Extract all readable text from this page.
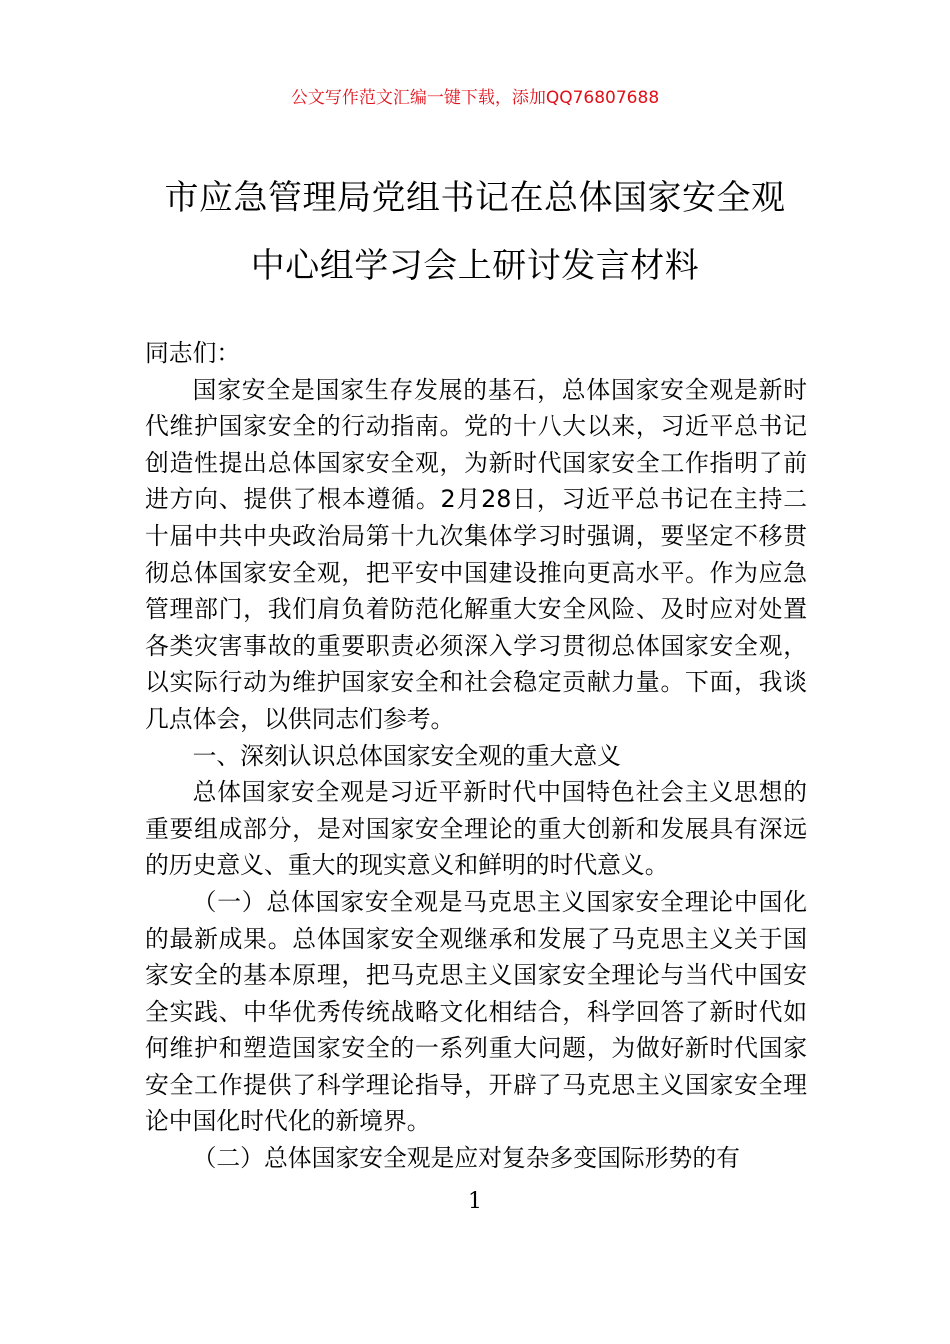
公文写作范文汇编一键下载，添加QQ76807688
市应急管理局党组书记在总体国家安全观
中心组学习会上研讨发言材料

同志们：

国家安全是国家生存发展的基石，总体国家安全观是新时代维护国家安全的行动指南。党的十八大以来，习近平总书记创造性提出总体国家安全观，为新时代国家安全工作指明了前进方向、提供了根本遵循。2月28日，习近平总书记在主持二十届中共中央政治局第十九次集体学习时强调，要坚定不移贯彻总体国家安全观，把平安中国建设推向更高水平。作为应急管理部门，我们肩负着防范化解重大安全风险、及时应对处置各类灾害事故的重要职责必须深入学习贯彻总体国家安全观，以实际行动为维护国家安全和社会稳定贡献力量。下面，我谈几点体会，以供同志们参考。

一、深刻认识总体国家安全观的重大意义

总体国家安全观是习近平新时代中国特色社会主义思想的重要组成部分，是对国家安全理论的重大创新和发展具有深远的历史意义、重大的现实意义和鲜明的时代意义。

（一）总体国家安全观是马克思主义国家安全理论中国化的最新成果。总体国家安全观继承和发展了马克思主义关于国家安全的基本原理，把马克思主义国家安全理论与当代中国安全实践、中华优秀传统战略文化相结合，科学回答了新时代如何维护和塑造国家安全的一系列重大问题，为做好新时代国家安全工作提供了科学理论指导，开辟了马克思主义国家安全理论中国化时代化的新境界。

（二）总体国家安全观是应对复杂多变国际形势的有

1
